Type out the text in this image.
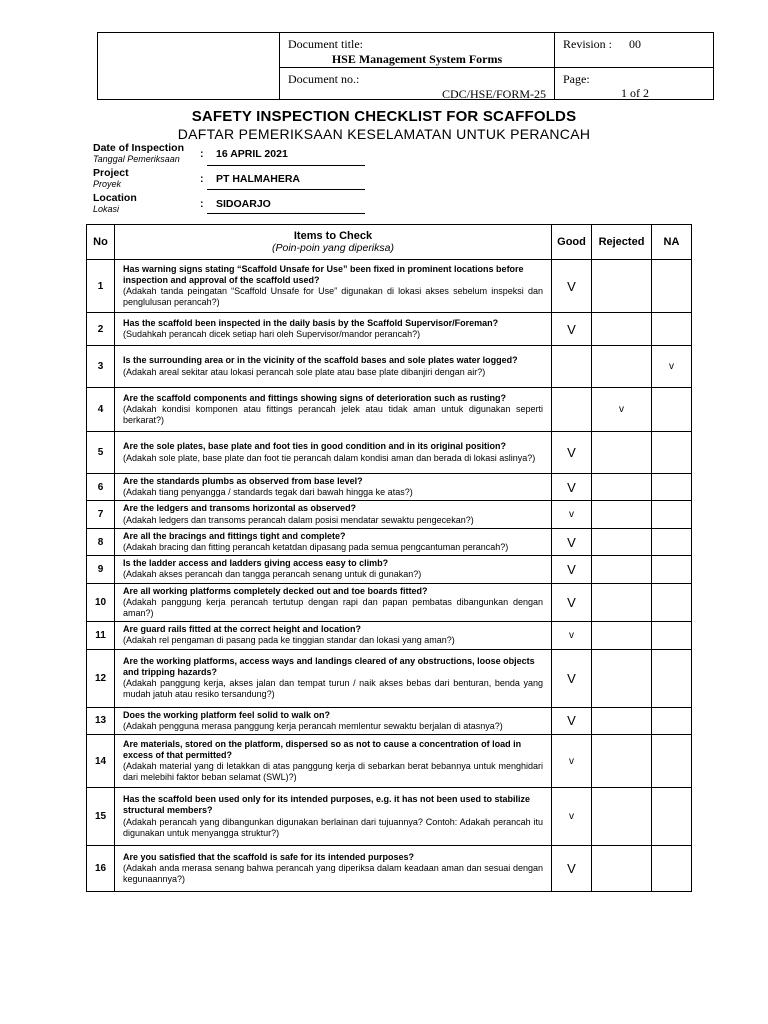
Document title:
HSE Management System Forms
Document no.:
CDC/HSE/FORM-25
Revision : 00
Page:
1 of 2
SAFETY INSPECTION CHECKLIST FOR SCAFFOLDS
DAFTAR PEMERIKSAAN KESELAMATAN UNTUK PERANCAH
Date of Inspection
Tanggal Pemeriksaan	: 16 APRIL 2021
Project
Proyek	: PT HALMAHERA
Location
Lokasi	: SIDOARJO
No	Items to Check
(Poin-poin yang diperiksa)	Good	Rejected	NA
1	Has warning signs stating “Scaffold Unsafe for Use” been fixed in prominent locations before inspection and approval of the scaffold used?
(Adakah tanda peingatan “Scaffold Unsafe for Use” digunakan di lokasi akses sebelum inspeksi dan penglulusan perancah?)	V		
2	Has the scaffold been inspected in the daily basis by the Scaffold Supervisor/Foreman?
(Sudahkah perancah dicek setiap hari oleh Supervisor/mandor perancah?)	V		
3	Is the surrounding area or in the vicinity of the scaffold bases and sole plates water logged?
(Adakah areal sekitar atau lokasi perancah sole plate atau base plate dibanjiri dengan air?)			v
4	Are the scaffold components and fittings showing signs of deterioration such as rusting?
(Adakah kondisi komponen atau fittings perancah jelek atau tidak aman untuk digunakan seperti berkarat?)		v	
5	Are the sole plates, base plate and foot ties in good condition and in its original position?
(Adakah sole plate, base plate dan foot tie perancah dalam kondisi aman dan berada di lokasi aslinya?)	V		
6	Are the standards plumbs as observed from base level?
(Adakah tiang penyangga / standards tegak dari bawah hingga ke atas?)	V		
7	Are the ledgers and transoms horizontal as observed?
(Adakah ledgers dan transoms perancah dalam posisi mendatar sewaktu pengecekan?)	v		
8	Are all the bracings and fittings tight and complete?
(Adakah bracing dan fitting perancah ketatdan dipasang pada semua pengcantuman perancah?)	V		
9	Is the ladder access and ladders giving access easy to climb?
(Adakah akses perancah dan tangga perancah senang untuk di gunakan?)	V		
10	Are all working platforms completely decked out and toe boards fitted?
(Adakah panggung kerja perancah tertutup dengan rapi dan papan pembatas dibangunkan dengan aman?)	V		
11	Are guard rails fitted at the correct height and location?
(Adakah rel pengaman di pasang pada ke tinggian standar dan lokasi yang aman?)	v		
12	Are the working platforms, access ways and landings cleared of any obstructions, loose objects and tripping hazards?
(Adakah panggung kerja, akses jalan dan tempat turun / naik akses bebas dari benturan, benda yang mudah jatuh atau resiko tersandung?)	V		
13	Does the working platform feel solid to walk on?
(Adakah pengguna merasa panggung kerja perancah memlentur sewaktu berjalan di atasnya?)	V		
14	Are materials, stored on the platform, dispersed so as not to cause a concentration of load in excess of that permitted?
(Adakah material yang di letakkan di atas panggung kerja di sebarkan berat bebannya untuk menghidari dari melebihi faktor beban selamat (SWL)?)	v		
15	Has the scaffold been used only for its intended purposes, e.g. it has not been used to stabilize structural members?
(Adakah perancah yang dibangunkan digunakan berlainan dari tujuannya? Contoh: Adakah perancah itu digunakan untuk menyangga struktur?)	v		
16	Are you satisfied that the scaffold is safe for its intended purposes?
(Adakah anda merasa senang bahwa perancah yang diperiksa dalam keadaan aman dan sesuai dengan kegunaannya?)	V		
